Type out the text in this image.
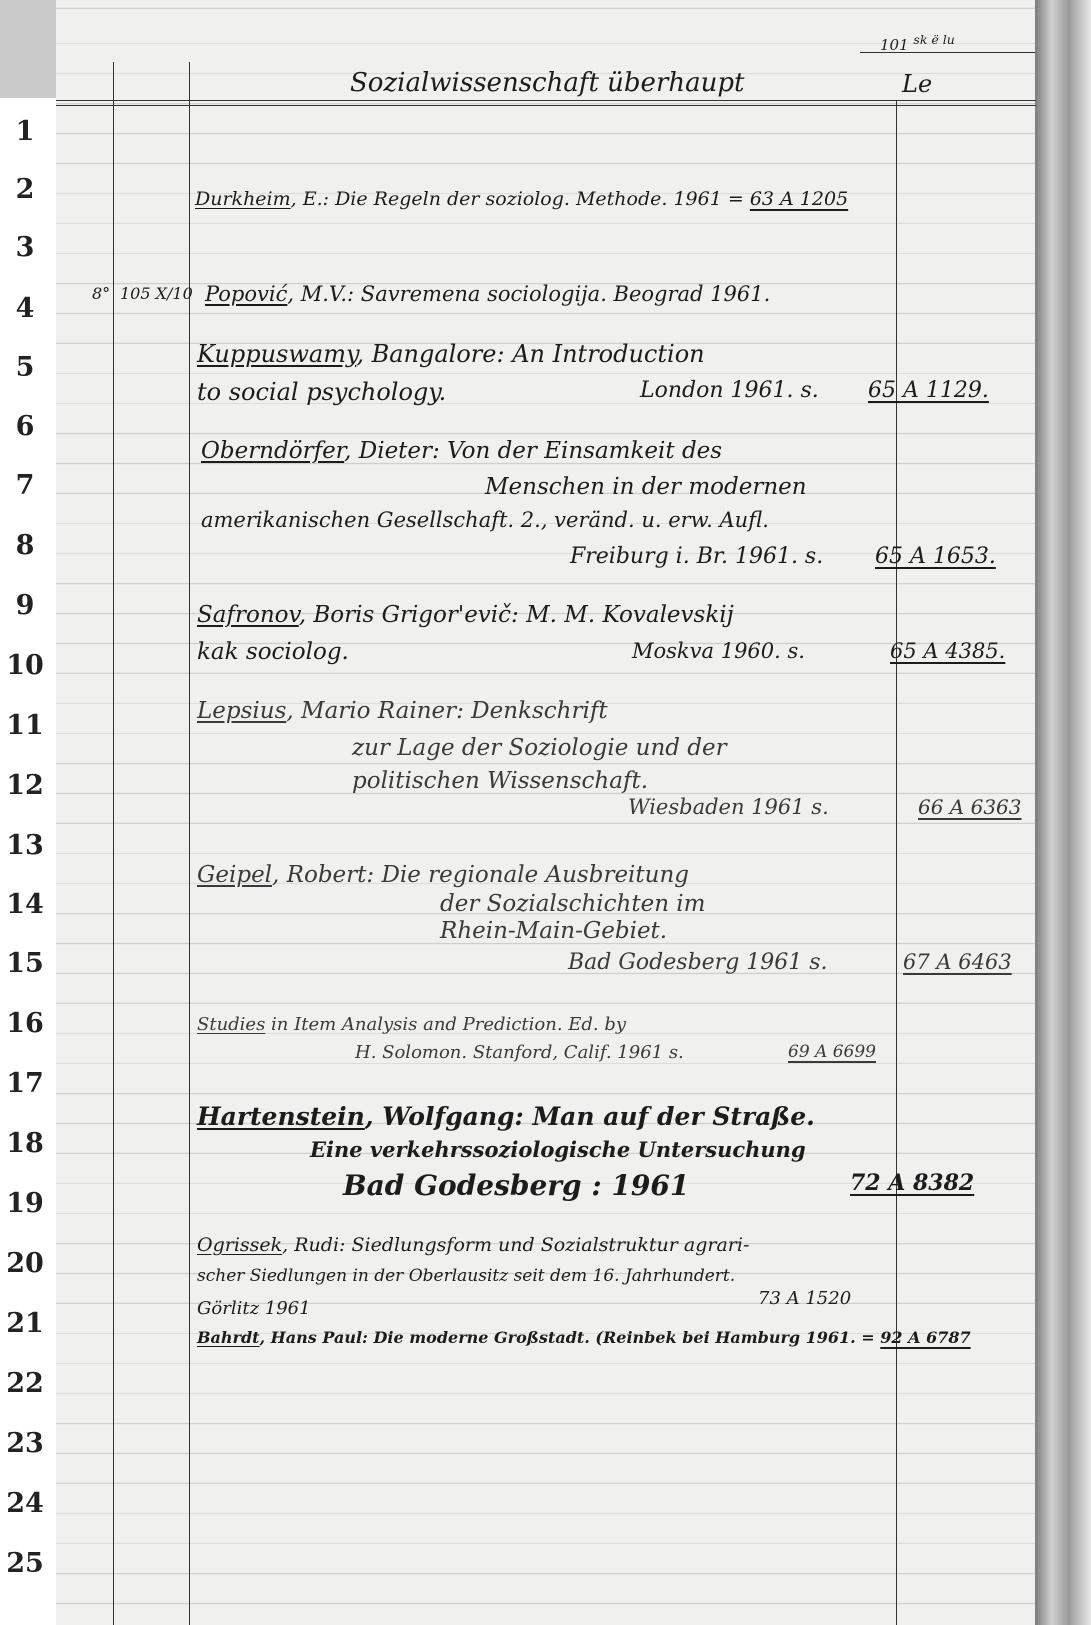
Sozialwissenschaft überhaupt	Le
101 $^{sk ë lu}$
1
2
3
4
5
6
7
8
9
10
11
12
13
14
15
16
17
18
19
20
21
22
23
24
25
Durkheim, E.: Die Regeln der soziolog. Methode. 1961 = 63 A 1205
8° 105 X/10 Popović, M.V.: Savremena sociologija. Beograd 1961.
Kuppuswamy, Bangalore: An Introduction
to social psychology.	London 1961. s. 65 A 1129.
Oberndörfer, Dieter: Von der Einsamkeit des
Menschen in der modernen
amerikanischen Gesellschaft. 2., veränd. u. erw. Aufl.
Freiburg i. Br. 1961. s. 65 A 1653.
Safronov, Boris Grigor'evič: M. M. Kovalevskij
kak sociolog.	Moskva 1960. s.	65 A 4385.
Lepsius, Mario Rainer: Denkschrift
zur Lage der Soziologie und der
politischen Wissenschaft.
Wiesbaden 1961 s.	66 A 6363
Geipel, Robert: Die regionale Ausbreitung
der Sozialschichten im
Rhein-Main-Gebiet.
Bad Godesberg 1961 s.	67 A 6463
Studies in Item Analysis and Prediction. Ed. by
H. Solomon. Stanford, Calif. 1961 s.	69 A 6699
Hartenstein, Wolfgang: Man auf der Straße.
Eine verkehrssoziologische Untersuchung
Bad Godesberg : 1961	72 A 8382
Ogrissek, Rudi: Siedlungsform und Sozialstruktur agrari-
scher Siedlungen in der Oberlausitz seit dem 16. Jahrhundert.
Görlitz 1961	73 A 1520
Bahrdt, Hans Paul: Die moderne Großstadt. (Reinbek bei Hamburg 1961. = 92 A 6787
